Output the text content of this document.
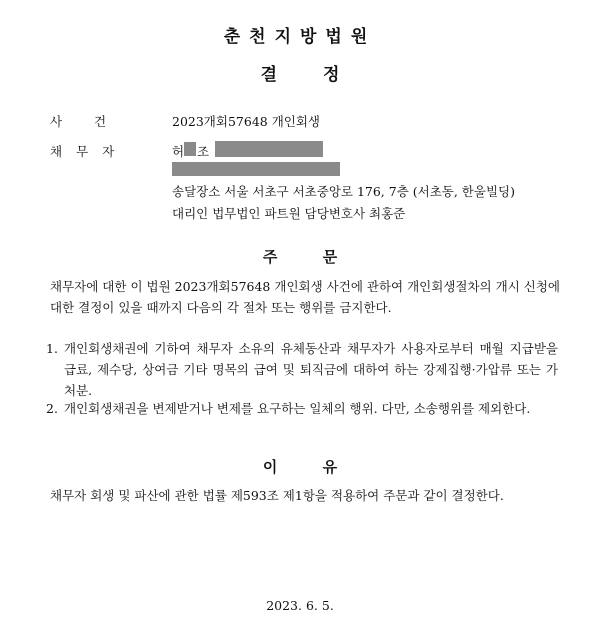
춘천지방법원
결 정
사 건	2023개회57648 개인회생
채무자	허 조
송달장소 서울 서초구 서초중앙로 176, 7층 (서초동, 한울빌딩)
대리인 법무법인 파트원 담당변호사 최홍준
주 문
채무자에 대한 이 법원 2023개회57648 개인회생 사건에 관하여 개인회생절차의 개시 신청에 대한 결정이 있을 때까지 다음의 각 절차 또는 행위를 금지한다.
1. 개인회생채권에 기하여 채무자 소유의 유체동산과 채무자가 사용자로부터 매월 지급받을 급료, 제수당, 상여금 기타 명목의 급여 및 퇴직금에 대하여 하는 강제집행·가압류 또는 가처분.
2. 개인회생채권을 변제받거나 변제를 요구하는 일체의 행위. 다만, 소송행위를 제외한다.
이 유
채무자 회생 및 파산에 관한 법률 제593조 제1항을 적용하여 주문과 같이 결정한다.
2023. 6. 5.
